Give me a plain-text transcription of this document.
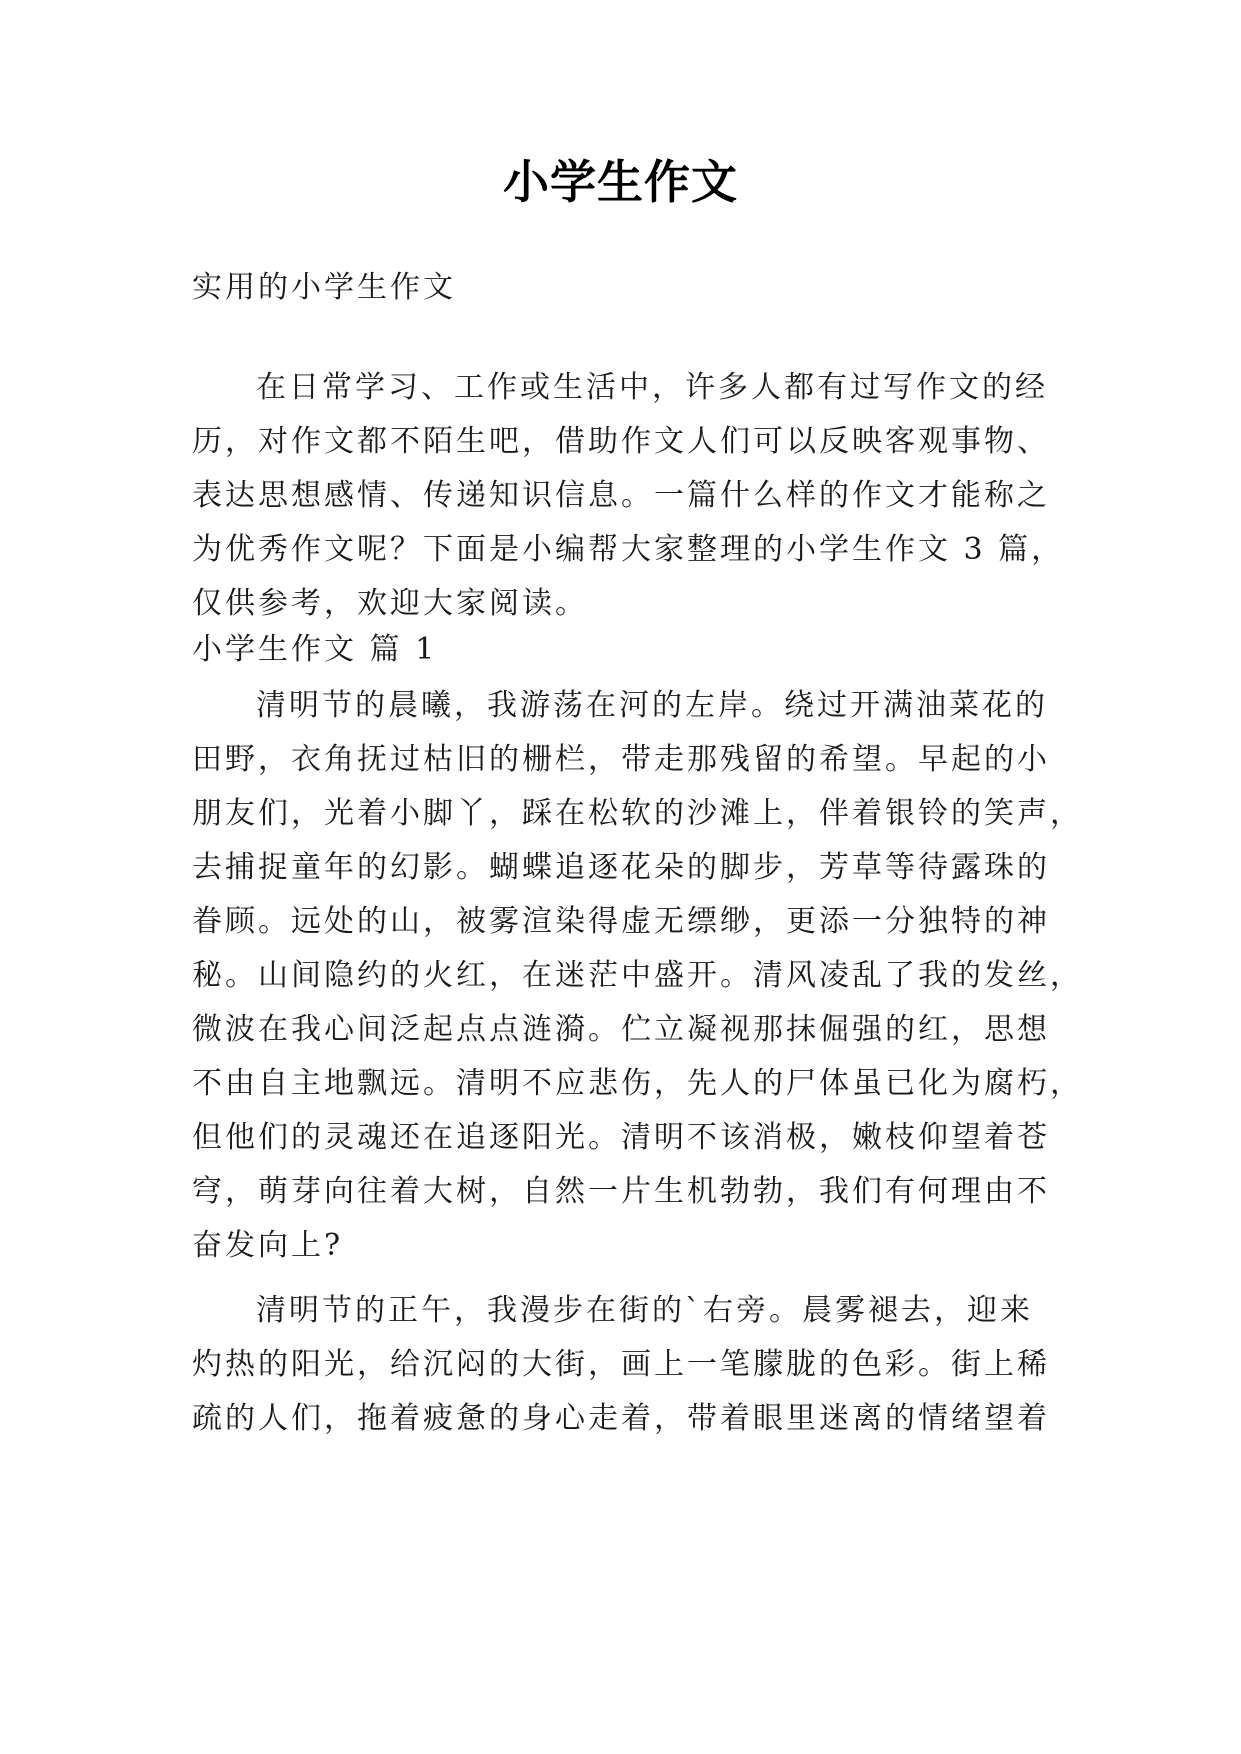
小学生作文
实用的小学生作文
在日常学习、工作或生活中，许多人都有过写作文的经
历，对作文都不陌生吧，借助作文人们可以反映客观事物、
表达思想感情、传递知识信息。一篇什么样的作文才能称之
为优秀作文呢？下面是小编帮大家整理的小学生作文 3 篇，
仅供参考，欢迎大家阅读。
小学生作文 篇 1
清明节的晨曦，我游荡在河的左岸。绕过开满油菜花的
田野，衣角抚过枯旧的栅栏，带走那残留的希望。早起的小
朋友们，光着小脚丫，踩在松软的沙滩上，伴着银铃的笑声，
去捕捉童年的幻影。蝴蝶追逐花朵的脚步，芳草等待露珠的
眷顾。远处的山，被雾渲染得虚无缥缈，更添一分独特的神
秘。山间隐约的火红，在迷茫中盛开。清风凌乱了我的发丝，
微波在我心间泛起点点涟漪。伫立凝视那抹倔强的红，思想
不由自主地飘远。清明不应悲伤，先人的尸体虽已化为腐朽，
但他们的灵魂还在追逐阳光。清明不该消极，嫩枝仰望着苍
穹，萌芽向往着大树，自然一片生机勃勃，我们有何理由不
奋发向上?
清明节的正午，我漫步在街的`右旁。晨雾褪去，迎来
灼热的阳光，给沉闷的大街，画上一笔朦胧的色彩。街上稀
疏的人们，拖着疲惫的身心走着，带着眼里迷离的情绪望着
